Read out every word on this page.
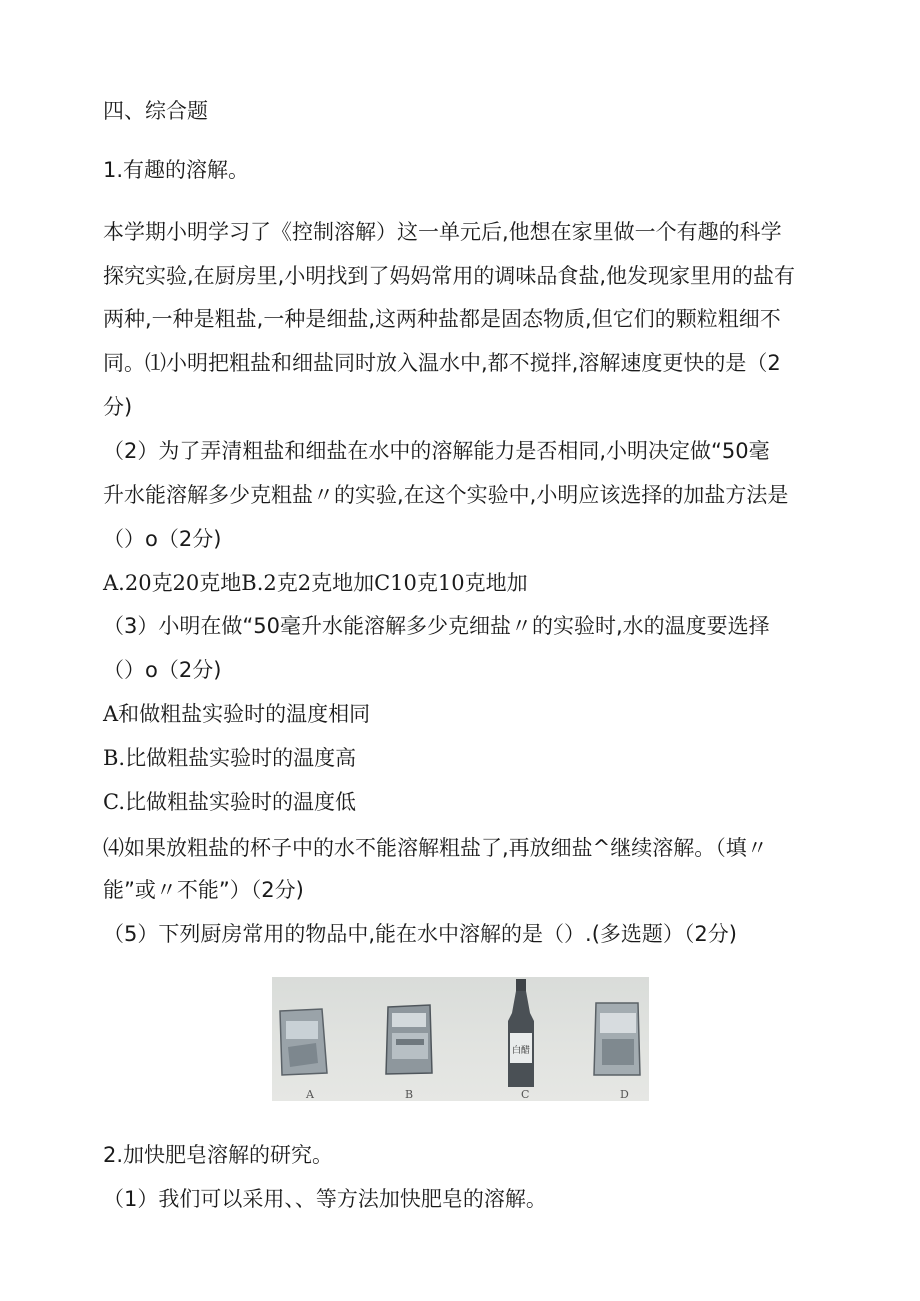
四、综合题
1.有趣的溶解。
本学期小明学习了《控制溶解）这一单元后,他想在家里做一个有趣的科学
探究实验,在厨房里,小明找到了妈妈常用的调味品食盐,他发现家里用的盐有
两种,一种是粗盐,一种是细盐,这两种盐都是固态物质,但它们的颗粒粗细不
同。⑴小明把粗盐和细盐同时放入温水中,都不搅拌,溶解速度更快的是（2
分)
（2）为了弄清粗盐和细盐在水中的溶解能力是否相同,小明决定做“50毫
升水能溶解多少克粗盐〃的实验,在这个实验中,小明应该选择的加盐方法是
（）o（2分)
A.20克20克地B.2克2克地加C10克10克地加
（3）小明在做“50毫升水能溶解多少克细盐〃的实验时,水的温度要选择
（）o（2分)
A和做粗盐实验时的温度相同
B.比做粗盐实验时的温度高
C.比做粗盐实验时的温度低
⑷如果放粗盐的杯子中的水不能溶解粗盐了,再放细盐^继续溶解。（填〃
能”或〃不能”）（2分)
（5）下列厨房常用的物品中,能在水中溶解的是（）.(多选题）（2分)
白醋
A	B	C	D
2.加快肥皂溶解的研究。
（1）我们可以采用、、等方法加快肥皂的溶解。
